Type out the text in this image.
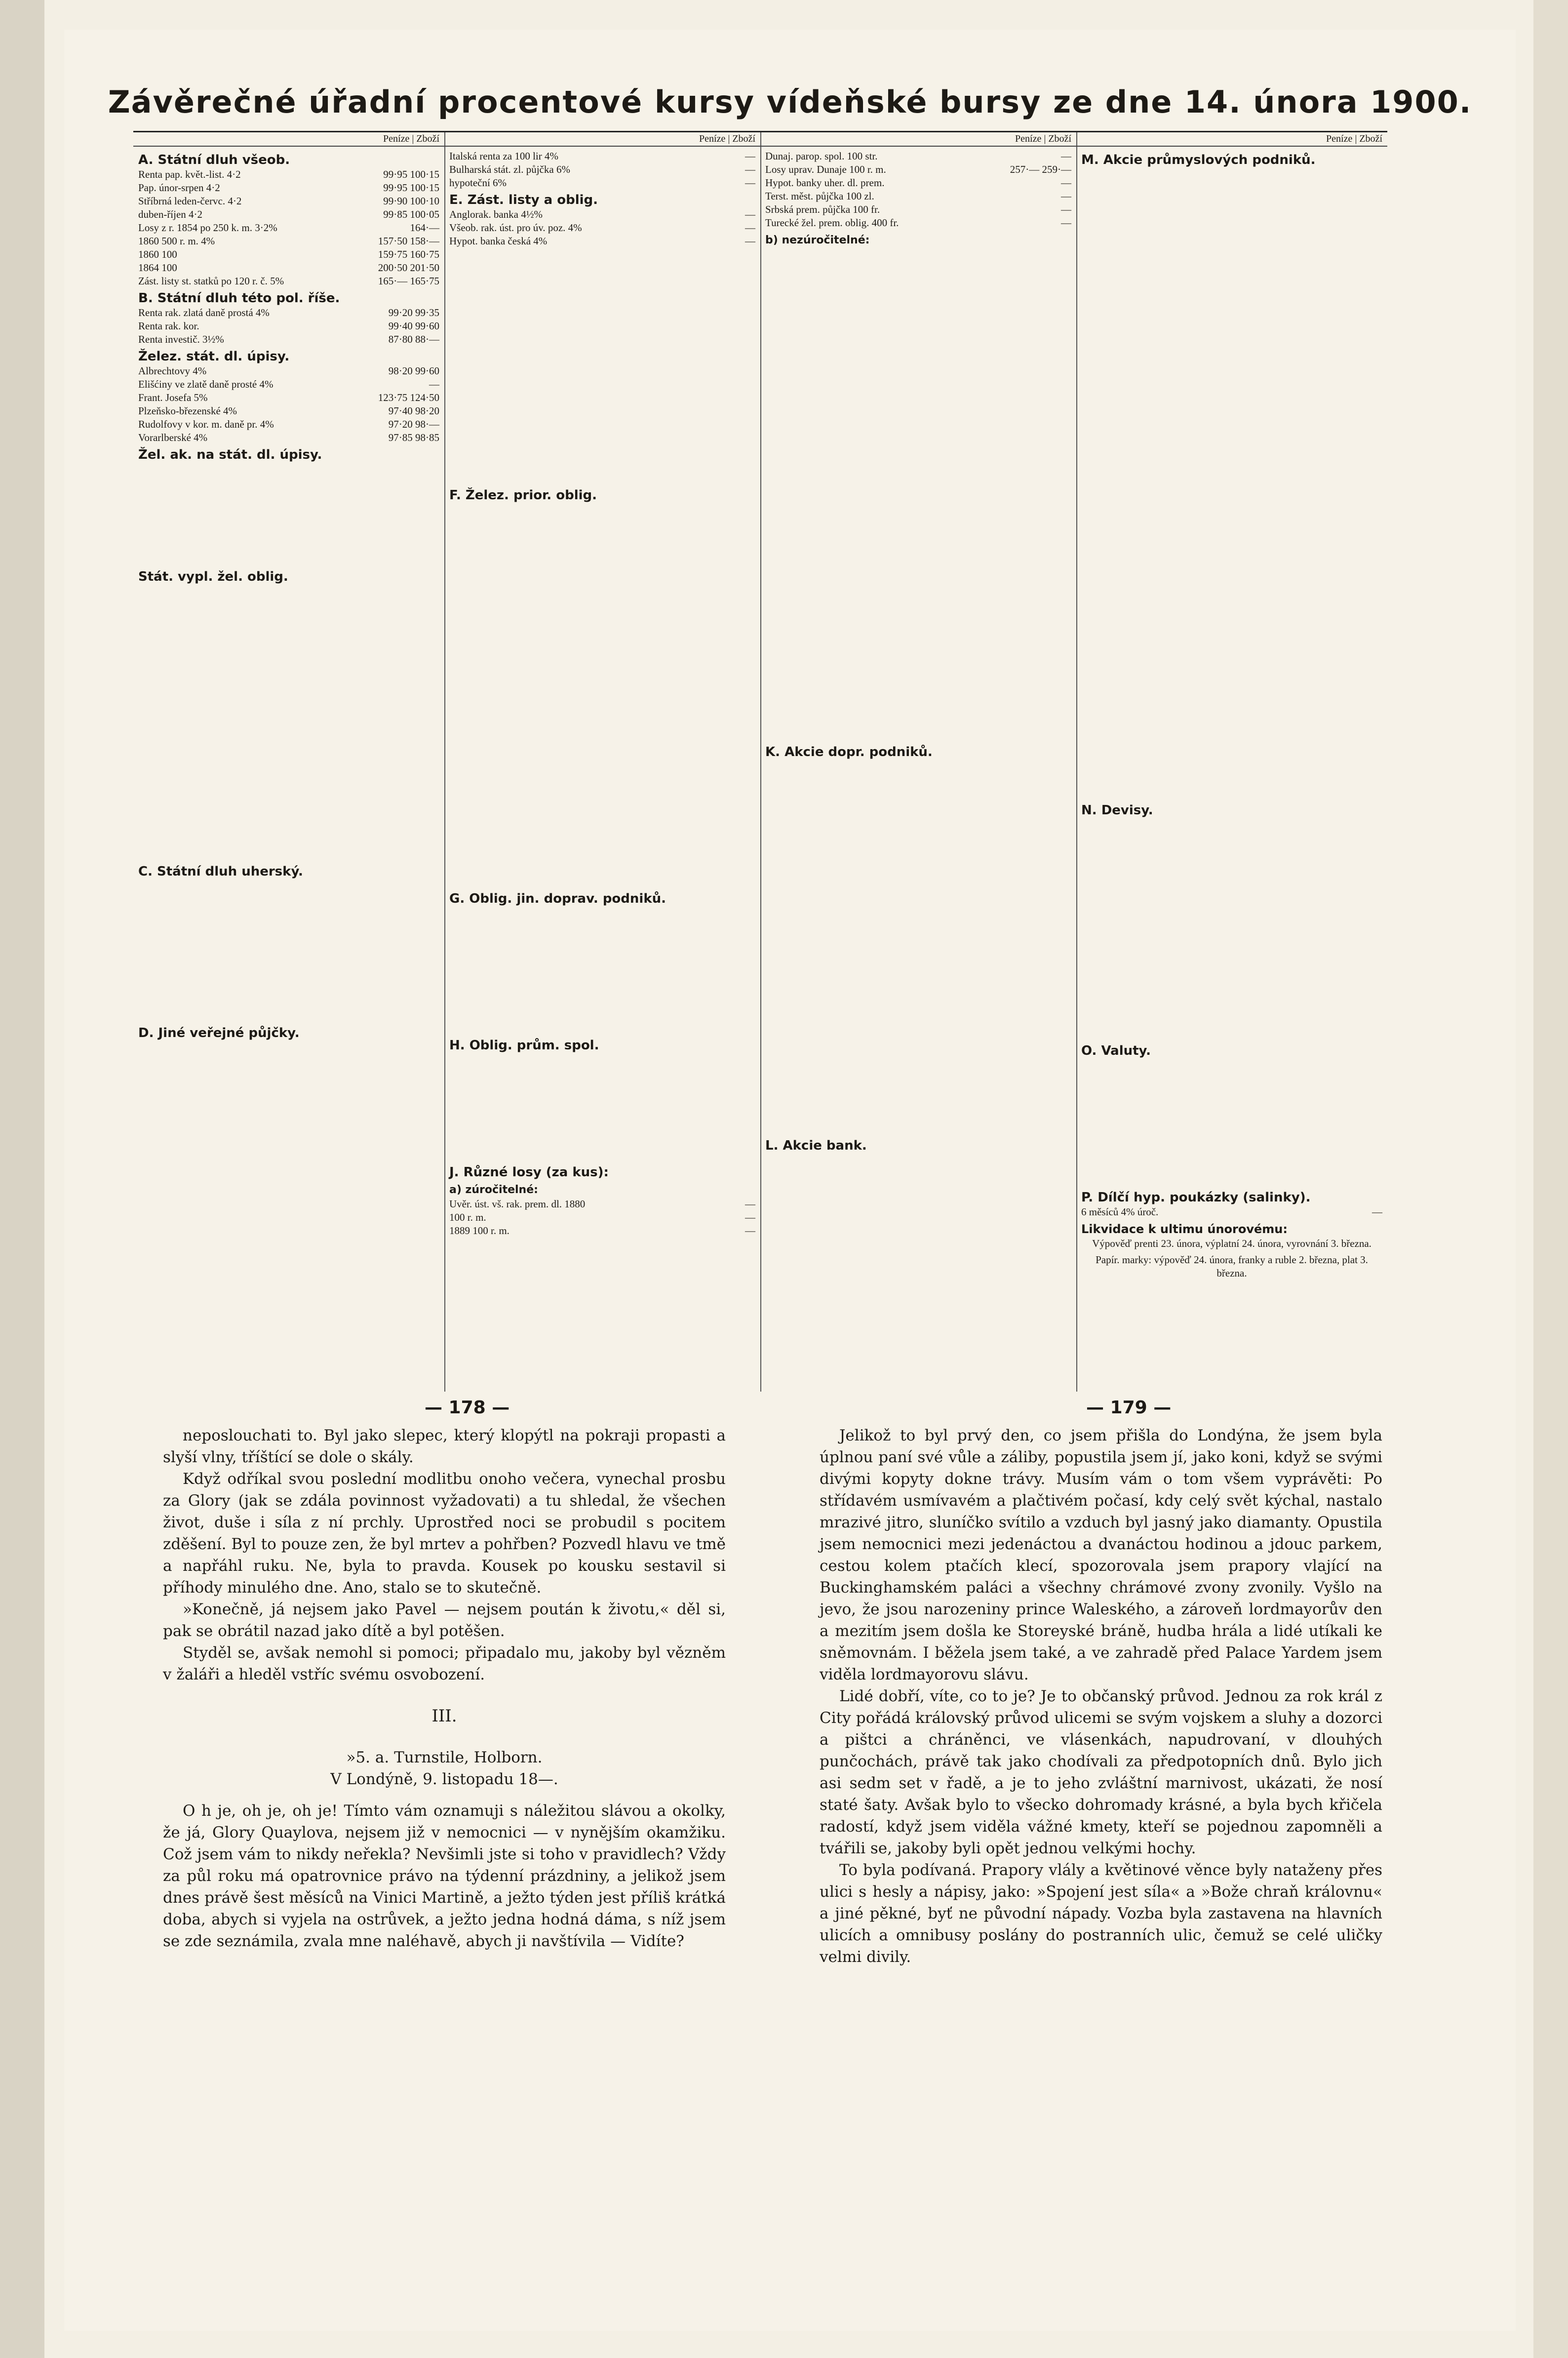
Závěrečné úřadní procentové kursy vídeňské bursy ze dne 14. února 1900.
Peníze | Zboží
A. Státní dluh všeob.
Renta pap. květ.-list. 4·2	99·95 100·15
Pap. únor-srpen 4·2	99·95 100·15
Stříbrná leden-červc. 4·2	99·90 100·10
duben-říjen 4·2	99·85 100·05
Losy z r. 1854 po 250 k. m. 3·2%	164·—
1860 500 r. m. 4%	157·50 158·—
1860 100	159·75 160·75
1864 100	200·50 201·50
Zást. listy st. statků po 120 r. č. 5%	165·— 165·75
B. Státní dluh této pol. říše.
Renta rak. zlatá daně prostá 4%	99·20 99·35
Renta rak. kor.	99·40 99·60
Renta investič. 3½%	87·80 88·—
Želez. stát. dl. úpisy.
Albrechtovy 4%	98·20 99·60
Elišćiny ve zlatě daně prosté 4%	—
Frant. Josefa 5%	123·75 124·50
Plzeňsko-březenské 4%	97·40 98·20
Rudolfovy v kor. m. daně pr. 4%	97·20 98·—
Vorarlberské 4%	97·85 98·85
Žel. ak. na stát. dl. úpisy.
Stát. vypl. žel. oblig.
C. Státní dluh uherský.
D. Jiné veřejné půjčky.
Peníze | Zboží
Italská renta za 100 lir 4%	—
Bulharská stát. zl. půjčka 6%	—
hypoteční 6%	—
E. Zást. listy a oblig.
Anglorak. banka 4½%	—
Všeob. rak. úst. pro úv. poz. 4%	—
Hypot. banka česká 4%	—
F. Želez. prior. oblig.
G. Oblig. jin. doprav. podniků.
H. Oblig. prům. spol.
J. Různé losy (za kus):
a) zúročitelné:
Uvěr. úst. vš. rak. prem. dl. 1880	—
100 r. m.	—
1889 100 r. m.	—
Peníze | Zboží
Dunaj. parop. spol. 100 str.	—
Losy uprav. Dunaje 100 r. m.	257·— 259·—
Hypot. banky uher. dl. prem.	—
Terst. měst. půjčka 100 zl.	—
Srbská prem. půjčka 100 fr.	—
Turecké žel. prem. oblig. 400 fr.	—
b) nezúročitelné:
K. Akcie dopr. podniků.
L. Akcie bank.
Peníze | Zboží
M. Akcie průmyslových podniků.
N. Devisy.
O. Valuty.
P. Dílčí hyp. poukázky (salinky).
6 měsíců 4% úroč.	—
Likvidace k ultimu únorovému:
Výpověď prenti 23. února, výplatní 24. února, vyrovnání 3. března.
Papír. marky: výpověď 24. února, franky a ruble 2. března, plat 3. března.
— 178 —	— 179 —

neposlouchati to. Byl jako slepec, který klopýtl na pokraji propasti a slyší vlny, tříštící se dole o skály.

Když odříkal svou poslední modlitbu onoho večera, vynechal prosbu za Glory (jak se zdála povinnost vyžadovati) a tu shledal, že všechen život, duše i síla z ní prchly. Uprostřed noci se probudil s pocitem zděšení. Byl to pouze zen, že byl mrtev a pohřben? Pozvedl hlavu ve tmě a napřáhl ruku. Ne, byla to pravda. Kousek po kousku sestavil si příhody minulého dne. Ano, stalo se to skutečně.

»Konečně, já nejsem jako Pavel — nejsem poután k životu,« děl si, pak se obrátil nazad jako dítě a byl potěšen.

Styděl se, avšak nemohl si pomoci; připadalo mu, jakoby byl vězněm v žaláři a hleděl vstříc svému osvobození.

III.

»5. a. Turnstile, Holborn.

V Londýně, 9. listopadu 18—.

O h je, oh je, oh je! Tímto vám oznamuji s náležitou slávou a okolky, že já, Glory Quaylova, nejsem již v nemocnici — v nynějším okamžiku. Což jsem vám to nikdy neřekla? Nevšimli jste si toho v pravidlech? Vždy za půl roku má opatrovnice právo na týdenní prázdniny, a jelikož jsem dnes právě šest měsíců na Vinici Martině, a ježto týden jest příliš krátká doba, abych si vyjela na ostrůvek, a ježto jedna hodná dáma, s níž jsem se zde seznámila, zvala mne naléhavě, abych ji navštívila — Vidíte?

Jelikož to byl prvý den, co jsem přišla do Londýna, že jsem byla úplnou paní své vůle a záliby, popustila jsem jí, jako koni, když se svými divými kopyty dokne trávy. Musím vám o tom všem vyprávěti: Po střídavém usmívavém a plačtivém počasí, kdy celý svět kýchal, nastalo mrazivé jitro, sluníčko svítilo a vzduch byl jasný jako diamanty. Opustila jsem nemocnici mezi jedenáctou a dvanáctou hodinou a jdouc parkem, cestou kolem ptačích klecí, spozorovala jsem prapory vlající na Buckinghamském paláci a všechny chrámové zvony zvonily. Vyšlo na jevo, že jsou narozeniny prince Waleského, a zároveň lordmayorův den a mezitím jsem došla ke Storeyské bráně, hudba hrála a lidé utíkali ke sněmovnám. I běžela jsem také, a ve zahradě před Palace Yardem jsem viděla lordmayorovu slávu.

Lidé dobří, víte, co to je? Je to občanský průvod. Jednou za rok král z City pořádá královský průvod ulicemi se svým vojskem a sluhy a dozorci a pištci a chráněnci, ve vlásenkách, napudrovaní, v dlouhých punčochách, právě tak jako chodívali za předpotopních dnů. Bylo jich asi sedm set v řadě, a je to jeho zvláštní marnivost, ukázati, že nosí staté šaty. Avšak bylo to všecko dohromady krásné, a byla bych křičela radostí, když jsem viděla vážné kmety, kteří se pojednou zapomněli a tvářili se, jakoby byli opět jednou velkými hochy.

To byla podívaná. Prapory vlály a květinové věnce byly nataženy přes ulici s hesly a nápisy, jako: »Spojení jest síla« a »Bože chraň královnu« a jiné pěkné, byť ne původní nápady. Vozba byla zastavena na hlavních ulicích a omnibusy poslány do postranních ulic, čemuž se celé uličky velmi divily.
